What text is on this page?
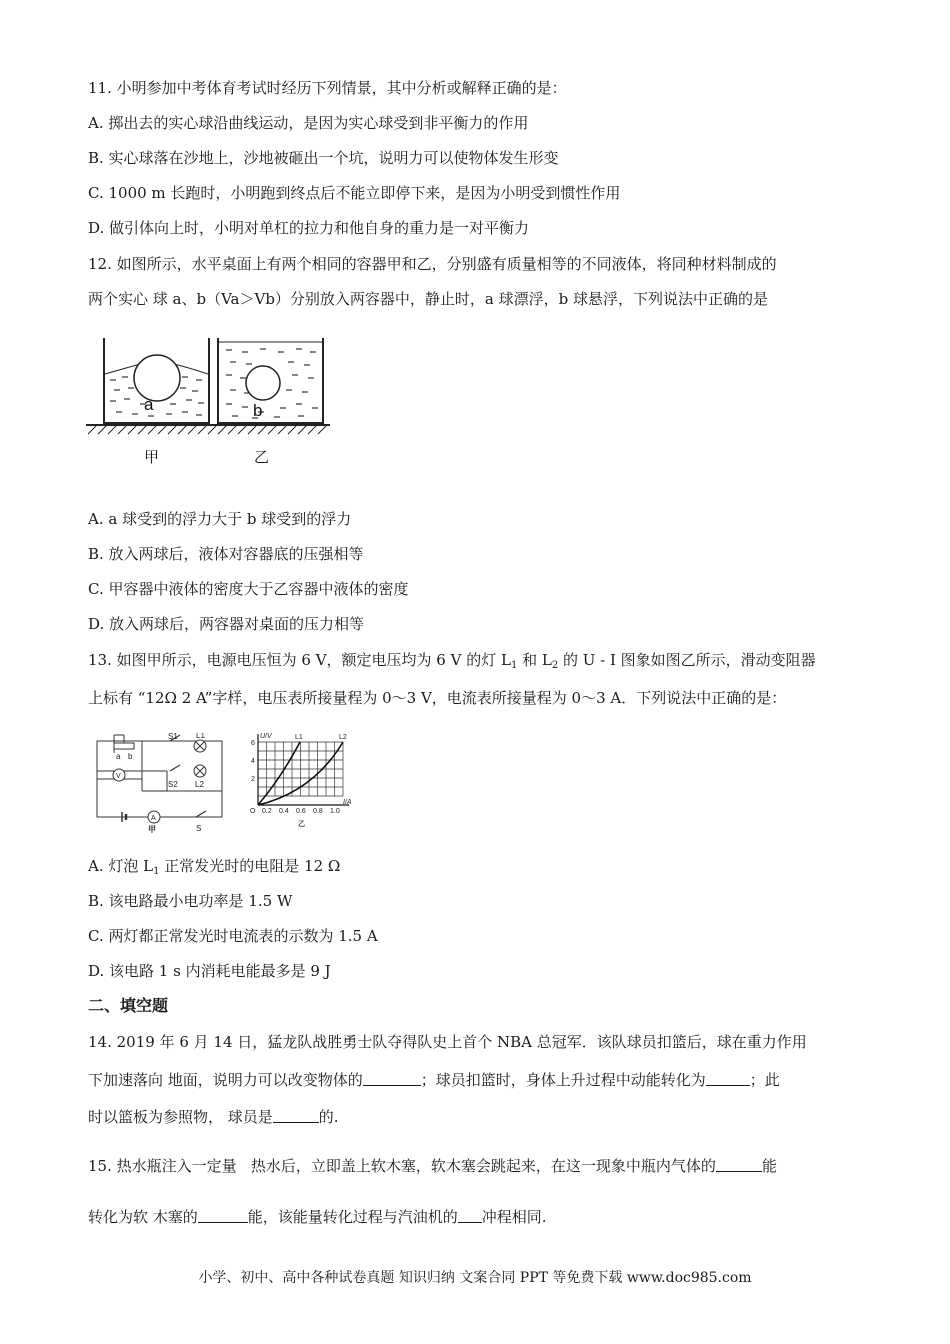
11. 小明参加中考体育考试时经历下列情景，其中分析或解释正确的是：
A. 掷出去的实心球沿曲线运动，是因为实心球受到非平衡力的作用
B. 实心球落在沙地上，沙地被砸出一个坑，说明力可以使物体发生形变
C. 1000 m 长跑时，小明跑到终点后不能立即停下来，是因为小明受到惯性作用
D. 做引体向上时，小明对单杠的拉力和他自身的重力是一对平衡力
12. 如图所示，水平桌面上有两个相同的容器甲和乙，分别盛有质量相等的不同液体，将同种材料制成的
两个实心 球 a、b（Va＞Vb）分别放入两容器中，静止时，a 球漂浮，b 球悬浮，下列说法中正确的是
a	b
甲	乙
A. a 球受到的浮力大于 b 球受到的浮力
B. 放入两球后，液体对容器底的压强相等
C. 甲容器中液体的密度大于乙容器中液体的密度
D. 放入两球后，两容器对桌面的压力相等
13. 如图甲所示，电源电压恒为 6 V，额定电压均为 6 V 的灯 $L_1$ 和 $L_2$ 的 U - I 图象如图乙所示，滑动变阻器
上标有 “12Ω 2 A”字样，电压表所接量程为 0～3 V，电流表所接量程为 0～3 A．下列说法中正确的是：
a b
V
A
S1 L1
S2 L2
S
甲
U/V
I/A
O
L1	L2
6
4
2
0.2 0.4 0.6 0.8 1.0
乙
A. 灯泡 $L_1$ 正常发光时的电阻是 12 Ω
B. 该电路最小电功率是 1.5 W
C. 两灯都正常发光时电流表的示数为 1.5 A
D. 该电路 1 s 内消耗电能最多是 9 J
二、填空题
14. 2019 年 6 月 14 日，猛龙队战胜勇士队夺得队史上首个 NBA 总冠军．该队球员扣篮后，球在重力作用
下加速落向 地面，说明力可以改变物体的	；球员扣篮时，身体上升过程中动能转化为	；此
时以篮板为参照物， 球员是	的.
15. 热水瓶注入一定量   热水后，立即盖上软木塞，软木塞会跳起来，在这一现象中瓶内气体的	能
转化为软 木塞的	能，该能量转化过程与汽油机的 冲程相同.
小学、初中、高中各种试卷真题 知识归纳 文案合同 PPT 等免费下载 www.doc985.com
